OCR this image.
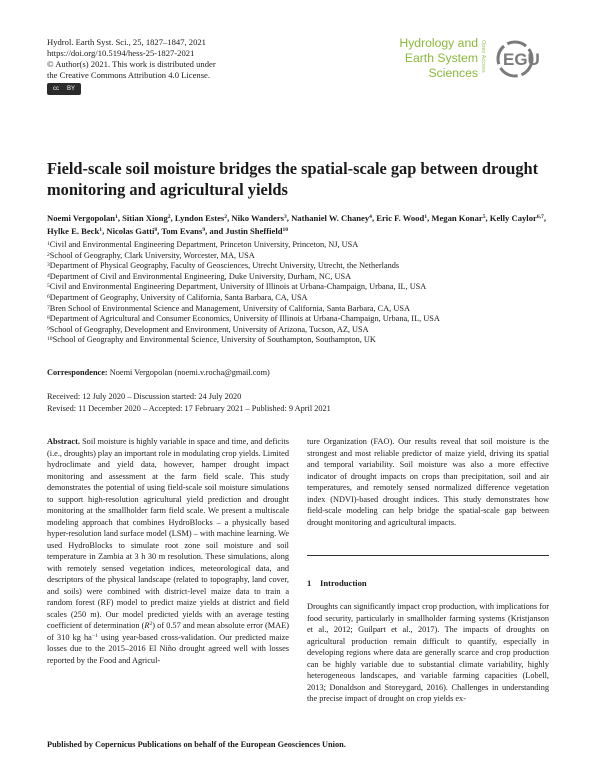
Hydrol. Earth Syst. Sci., 25, 1827–1847, 2021
https://doi.org/10.5194/hess-25-1827-2021
© Author(s) 2021. This work is distributed under
the Creative Commons Attribution 4.0 License.
cc BY
Hydrology and
Earth System
Sciences
Open Access EGU
Field-scale soil moisture bridges the spatial-scale gap between drought monitoring and agricultural yields
Noemi Vergopolan$^1$, Sitian Xiong$^2$, Lyndon Estes$^2$, Niko Wanders$^3$, Nathaniel W. Chaney$^4$, Eric F. Wood$^1$, Megan Konar$^5$, Kelly Caylor$^{6,7}$, Hylke E. Beck$^1$, Nicolas Gatti$^8$, Tom Evans$^9$, and Justin Sheffield$^{10}$
$^1$Civil and Environmental Engineering Department, Princeton University, Princeton, NJ, USA
$^2$School of Geography, Clark University, Worcester, MA, USA
$^3$Department of Physical Geography, Faculty of Geosciences, Utrecht University, Utrecht, the Netherlands
$^4$Department of Civil and Environmental Engineering, Duke University, Durham, NC, USA
$^5$Civil and Environmental Engineering Department, University of Illinois at Urbana-Champaign, Urbana, IL, USA
$^6$Department of Geography, University of California, Santa Barbara, CA, USA
$^7$Bren School of Environmental Science and Management, University of California, Santa Barbara, CA, USA
$^8$Department of Agricultural and Consumer Economics, University of Illinois at Urbana-Champaign, Urbana, IL, USA
$^9$School of Geography, Development and Environment, University of Arizona, Tucson, AZ, USA
$^{10}$School of Geography and Environmental Science, University of Southampton, Southampton, UK
Correspondence: Noemi Vergopolan (noemi.v.rocha@gmail.com)
Received: 12 July 2020 – Discussion started: 24 July 2020
Revised: 11 December 2020 – Accepted: 17 February 2021 – Published: 9 April 2021
Abstract. Soil moisture is highly variable in space and time, and deficits (i.e., droughts) play an important role in modulating crop yields. Limited hydroclimate and yield data, however, hamper drought impact monitoring and assessment at the farm field scale. This study demonstrates the potential of using field-scale soil moisture simulations to support high-resolution agricultural yield prediction and drought monitoring at the smallholder farm field scale. We present a multiscale modeling approach that combines HydroBlocks – a physically based hyper-resolution land surface model (LSM) – with machine learning. We used HydroBlocks to simulate root zone soil moisture and soil temperature in Zambia at 3 h 30 m resolution. These simulations, along with remotely sensed vegetation indices, meteorological data, and descriptors of the physical landscape (related to topography, land cover, and soils) were combined with district-level maize data to train a random forest (RF) model to predict maize yields at district and field scales (250 m). Our model predicted yields with an average testing coefficient of determination $(R^2)$ of 0.57 and mean absolute error (MAE) of 310 kg $ha^{-1}$ using year-based cross-validation. Our predicted maize losses due to the 2015–2016 El Niño drought agreed well with losses reported by the Food and Agricul-
ture Organization (FAO). Our results reveal that soil moisture is the strongest and most reliable predictor of maize yield, driving its spatial and temporal variability. Soil moisture was also a more effective indicator of drought impacts on crops than precipitation, soil and air temperatures, and remotely sensed normalized difference vegetation index (NDVI)-based drought indices. This study demonstrates how field-scale modeling can help bridge the spatial-scale gap between drought monitoring and agricultural impacts.
1 Introduction
Droughts can significantly impact crop production, with implications for food security, particularly in smallholder farming systems (Kristjanson et al., 2012; Guilpart et al., 2017). The impacts of droughts on agricultural production remain difficult to quantify, especially in developing regions where data are generally scarce and crop production can be highly variable due to substantial climate variability, highly heterogeneous landscapes, and variable farming capacities (Lobell, 2013; Donaldson and Storeygard, 2016). Challenges in understanding the precise impact of drought on crop yields ex-
Published by Copernicus Publications on behalf of the European Geosciences Union.
